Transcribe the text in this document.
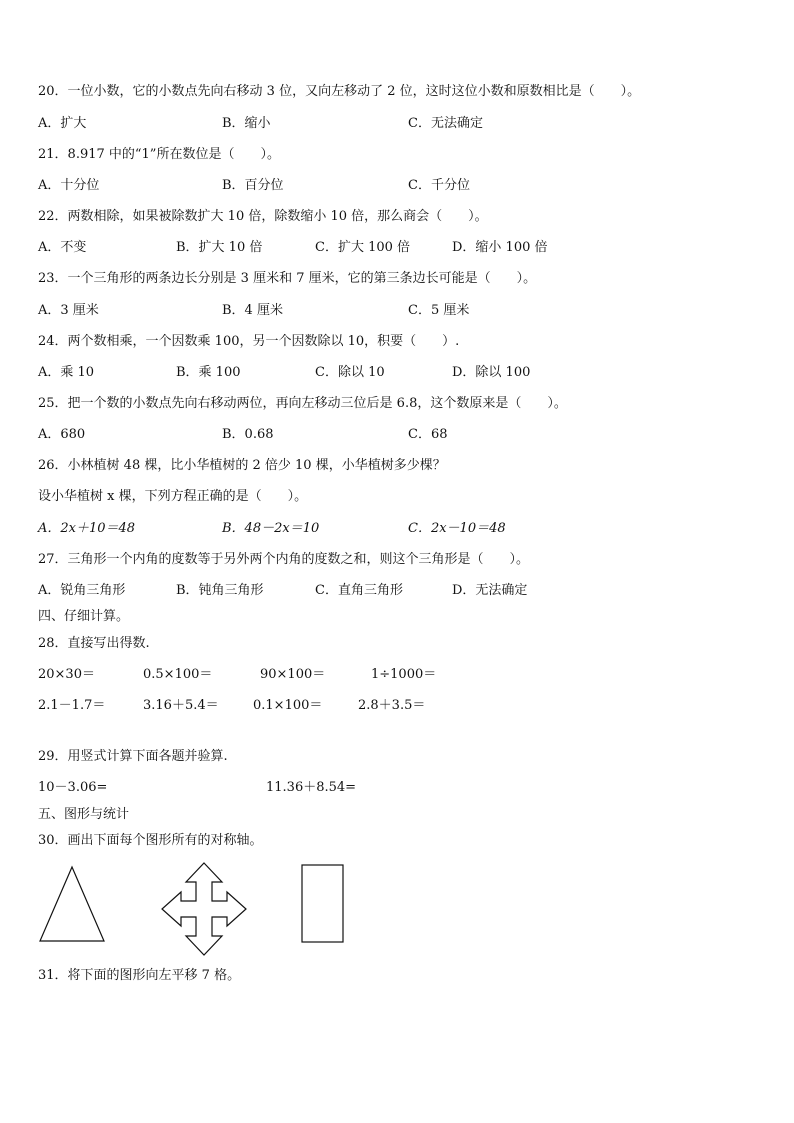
20．一位小数，它的小数点先向右移动 3 位，又向左移动了 2 位，这时这位小数和原数相比是（　　）。
A．扩大	B．缩小	C．无法确定
21．8.917 中的“1”所在数位是（　　）。
A．十分位	B．百分位	C．千分位
22．两数相除，如果被除数扩大 10 倍，除数缩小 10 倍，那么商会（　　）。
A．不变	B．扩大 10 倍	C．扩大 100 倍	D．缩小 100 倍
23．一个三角形的两条边长分别是 3 厘米和 7 厘米，它的第三条边长可能是（　　）。
A．3 厘米	B．4 厘米	C．5 厘米
24．两个数相乘，一个因数乘 100，另一个因数除以 10，积要（　　）.
A．乘 10	B．乘 100	C．除以 10	D．除以 100
25．把一个数的小数点先向右移动两位，再向左移动三位后是 6.8，这个数原来是（　　）。
A．680	B．0.68	C．68
26．小林植树 48 棵，比小华植树的 2 倍少 10 棵，小华植树多少棵？
设小华植树 x 棵，下列方程正确的是（　　）。
A．2x＋10＝48	B．48－2x＝10	C．2x－10＝48
27．三角形一个内角的度数等于另外两个内角的度数之和，则这个三角形是（　　）。
A．锐角三角形	B．钝角三角形	C．直角三角形	D．无法确定
四、仔细计算。
28．直接写出得数.
20×30＝	0.5×100＝	90×100＝	1÷1000＝
2.1－1.7＝	3.16＋5.4＝	0.1×100＝	2.8＋3.5＝
29．用竖式计算下面各题并验算.
10－3.06=	11.36＋8.54=
五、图形与统计
30．画出下面每个图形所有的对称轴。
31．将下面的图形向左平移 7 格。
